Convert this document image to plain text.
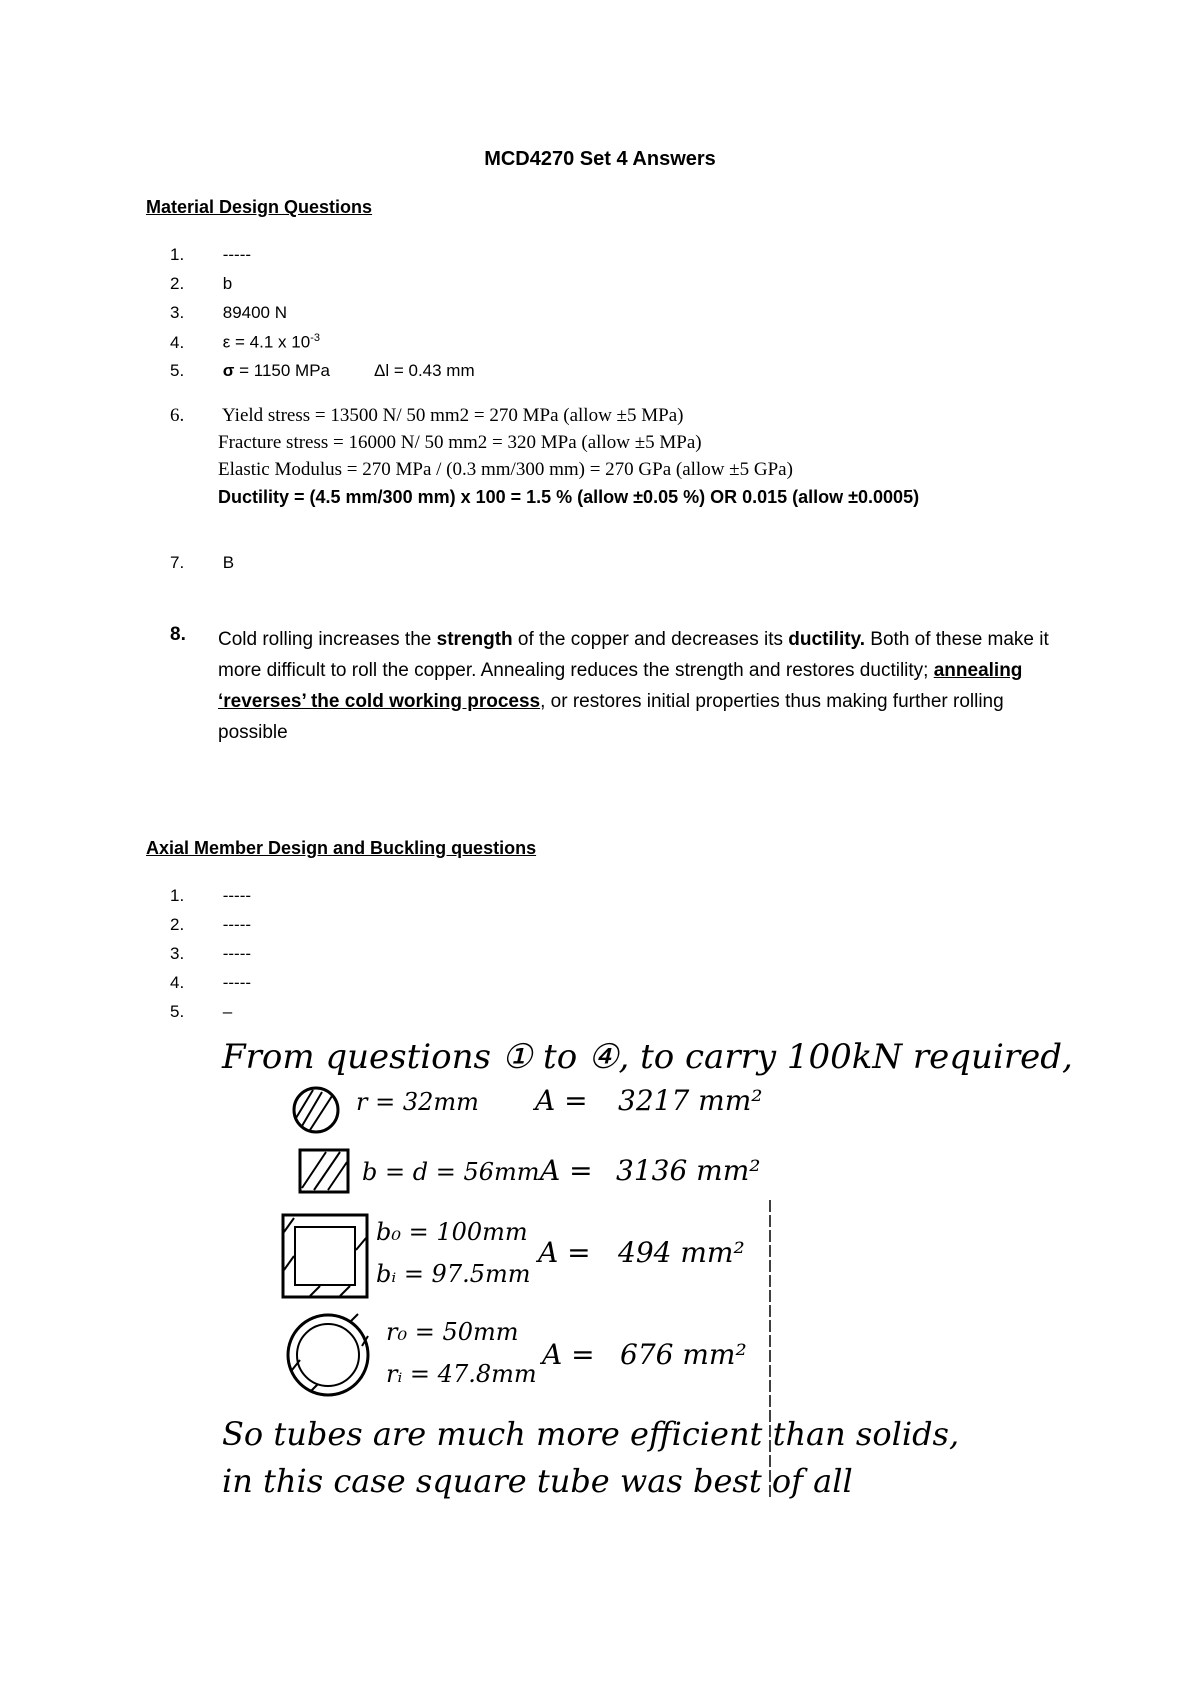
MCD4270 Set 4 Answers
Material Design Questions
1. -----
2. b
3. 89400 N
4. ε = 4.1 x $10^{-3}$
5. σ = 1150 MPa	Δl = 0.43 mm
6. Yield stress = 13500 N/ 50 mm2 = 270 MPa (allow ±5 MPa)
Fracture stress = 16000 N/ 50 mm2 = 320 MPa (allow ±5 MPa)
Elastic Modulus = 270 MPa / (0.3 mm/300 mm) = 270 GPa (allow ±5 GPa)
Ductility = (4.5 mm/300 mm) x 100 = 1.5 % (allow ±0.05 %) OR 0.015 (allow ±0.0005)
7. B
8. Cold rolling increases the strength of the copper and decreases its ductility. Both of these make it more difficult to roll the copper. Annealing reduces the strength and restores ductility; annealing ‘reverses’ the cold working process, or restores initial properties thus making further rolling possible
Axial Member Design and Buckling questions
1. -----
2. -----
3. -----
4. -----
5. –
From questions ① to ④, to carry 100kN required,
r = 32mm A = 3217 mm²
b = d = 56mm A = 3136 mm²
b₀ = 100mm
bᵢ = 97.5mm
A = 494 mm²
r₀ = 50mm
rᵢ = 47.8mm
A = 676 mm²
So tubes are much more efficient than solids,
in this case square tube was best of all
